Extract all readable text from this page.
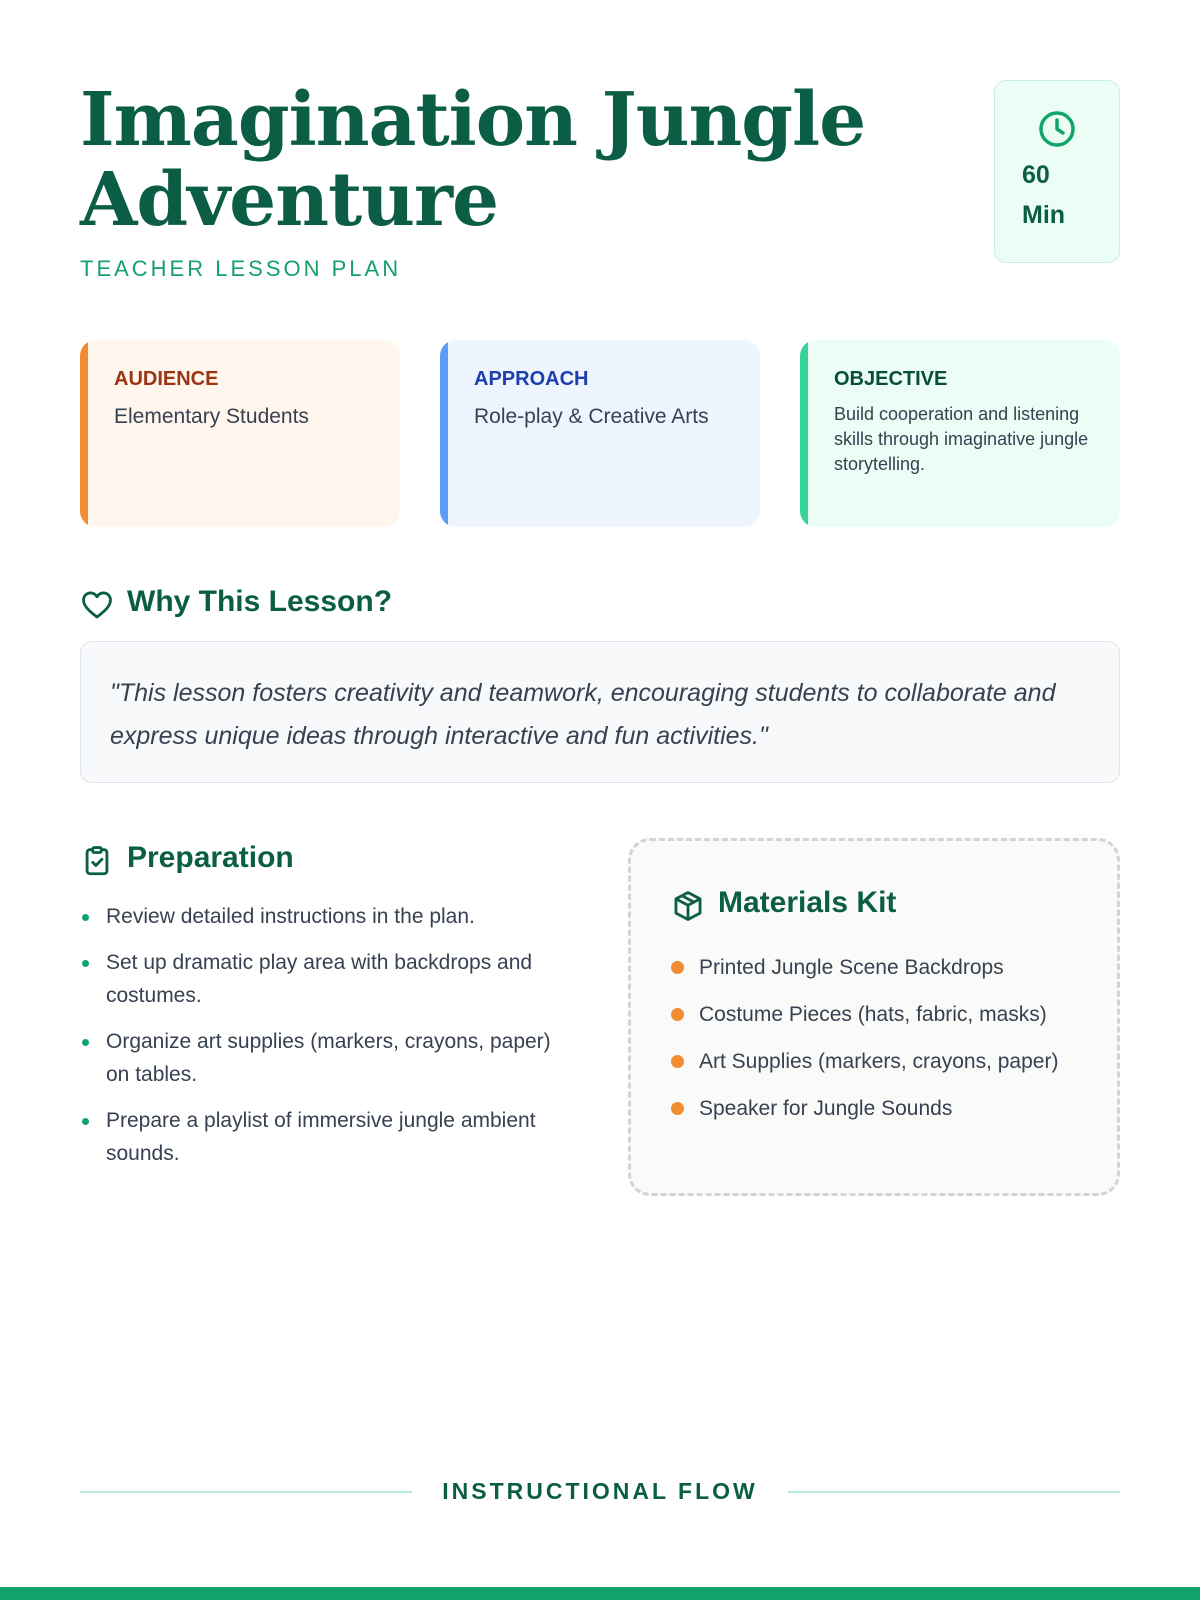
Imagination Jungle
Adventure
TEACHER LESSON PLAN
60
Min
AUDIENCE
Elementary Students
APPROACH
Role-play & Creative Arts
OBJECTIVE
Build cooperation and listening skills through imaginative jungle storytelling.
Why This Lesson?
"This lesson fosters creativity and teamwork, encouraging students to collaborate and express unique ideas through interactive and fun activities."
Preparation
Review detailed instructions in the plan.
Set up dramatic play area with backdrops and costumes.
Organize art supplies (markers, crayons, paper) on tables.
Prepare a playlist of immersive jungle ambient sounds.
Materials Kit
Printed Jungle Scene Backdrops
Costume Pieces (hats, fabric, masks)
Art Supplies (markers, crayons, paper)
Speaker for Jungle Sounds
INSTRUCTIONAL FLOW
